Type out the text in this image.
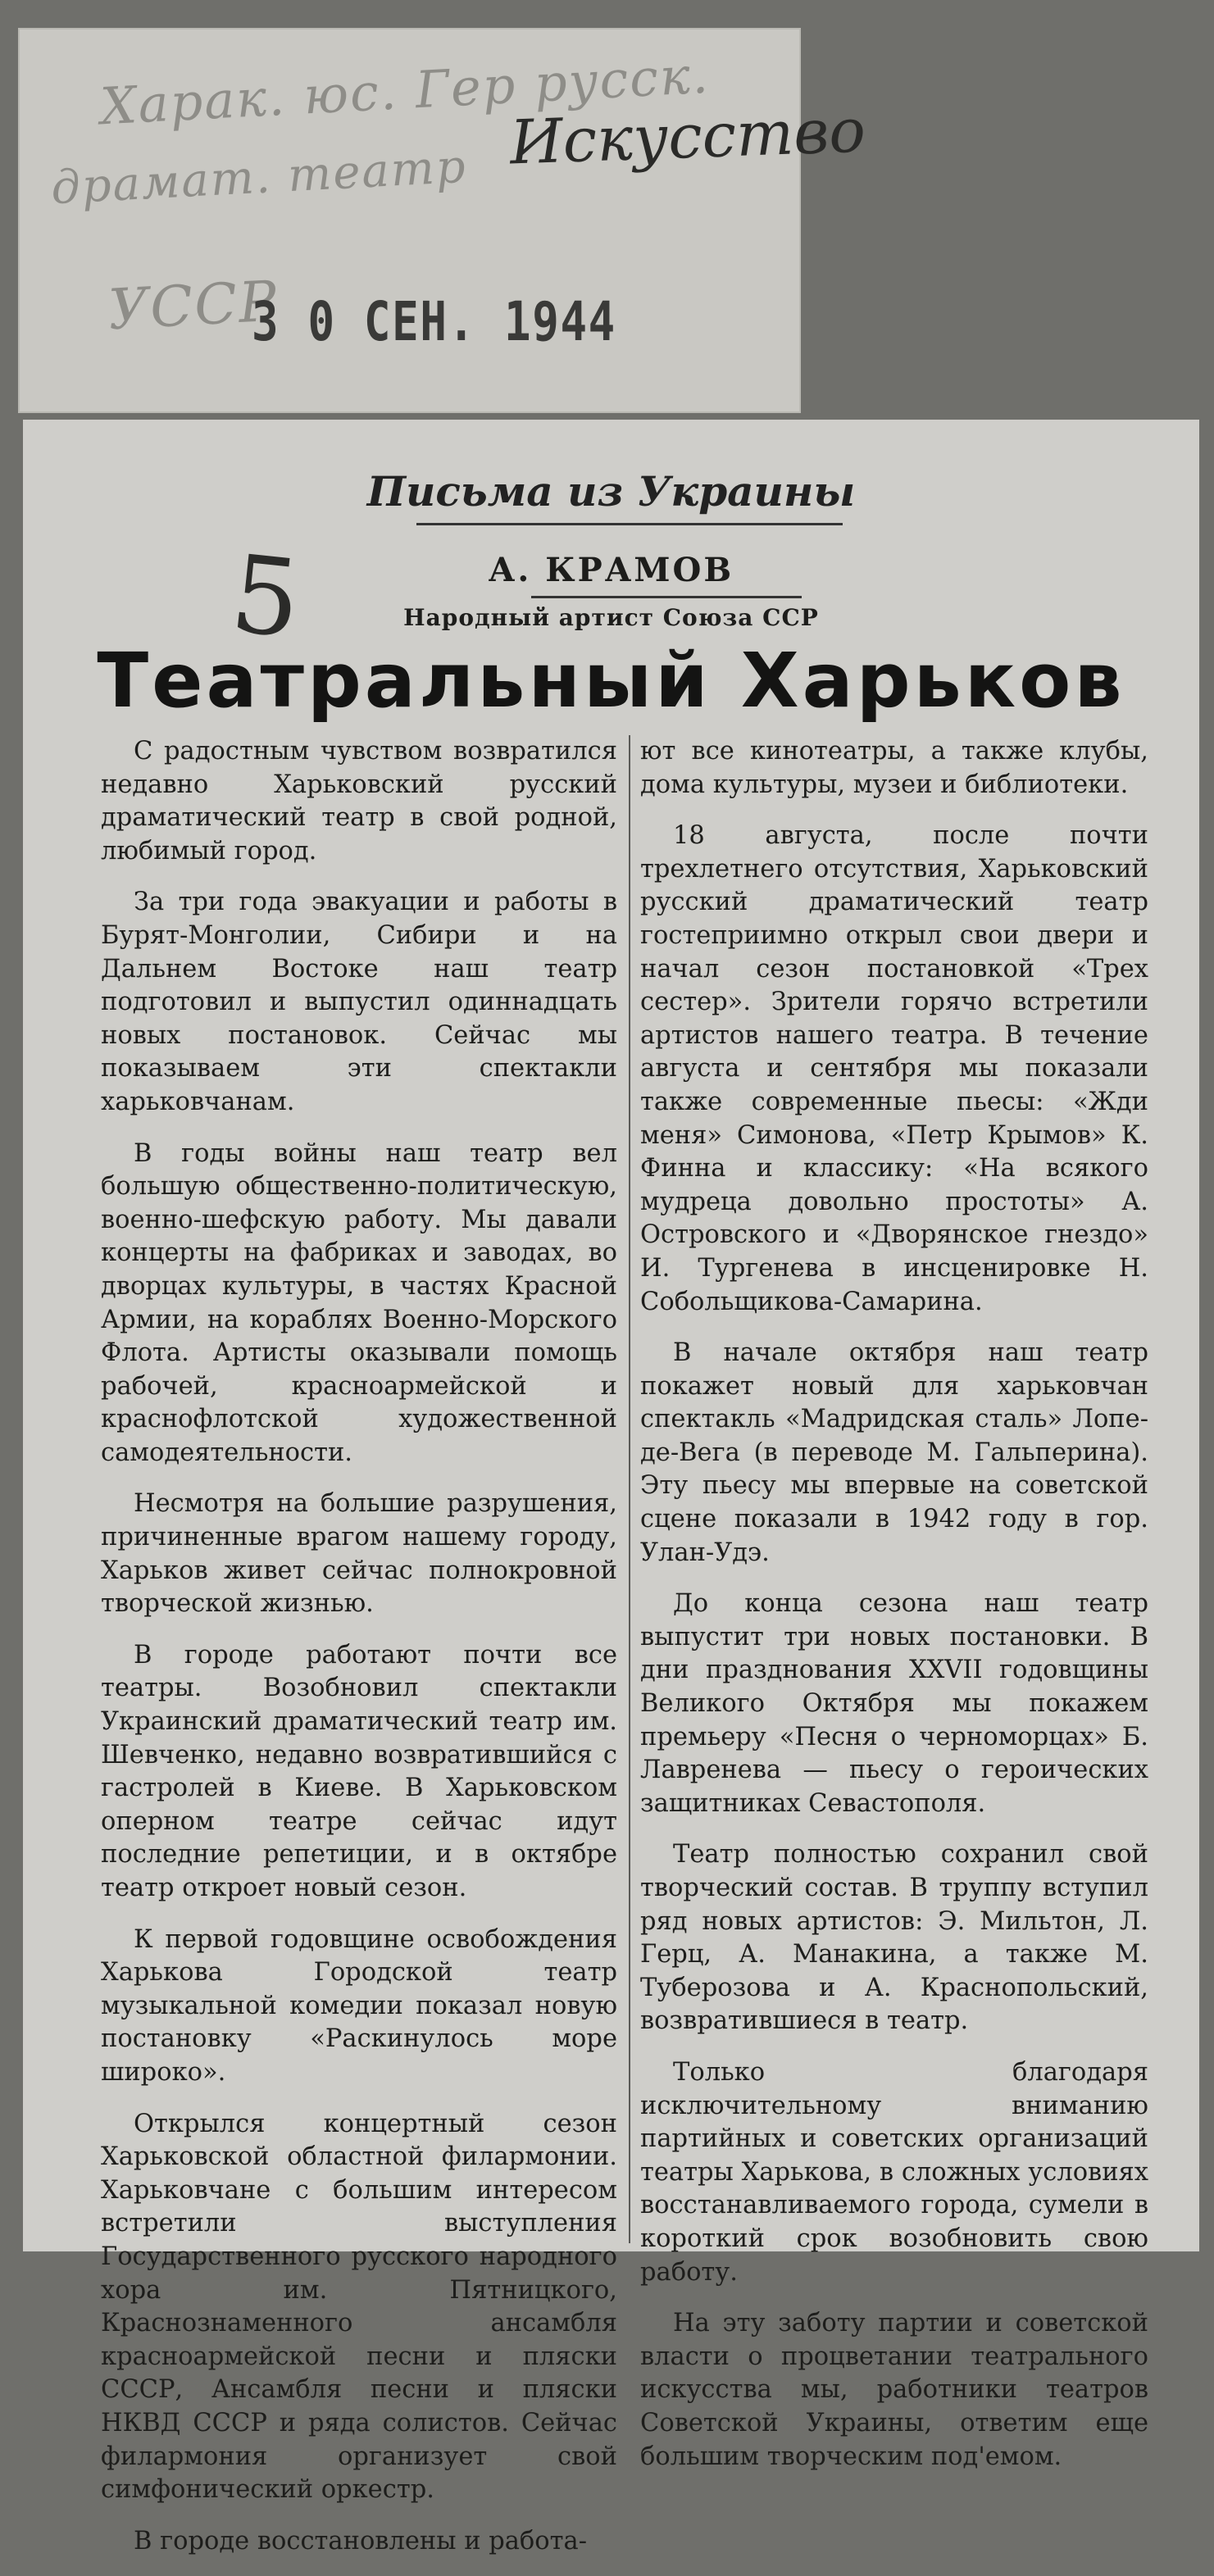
Харак. юс. Гер русск.
драмат. театр
УССР
Искусство
3 0 СЕН. 1944
Письма из Украины
5	А. КРАМОВ
Народный артист Союза ССР
Театральный Харьков

С радостным чувством возвратился недавно Харьковский русский драматический театр в свой родной, любимый город.

За три года эвакуации и работы в Бурят-Монголии, Сибири и на Дальнем Востоке наш театр подготовил и выпустил одиннадцать новых постановок. Сейчас мы показываем эти спектакли харьковчанам.

В годы войны наш театр вел большую общественно-политическую, военно-шефскую работу. Мы давали концерты на фабриках и заводах, во дворцах культуры, в частях Красной Армии, на кораблях Военно-Морского Флота. Артисты оказывали помощь рабочей, красноармейской и краснофлотской художественной самодеятельности.

Несмотря на большие разрушения, причиненные врагом нашему городу, Харьков живет сейчас полнокровной творческой жизнью.

В городе работают почти все театры. Возобновил спектакли Украинский драматический театр им. Шевченко, недавно возвратившийся с гастролей в Киеве. В Харьковском оперном театре сейчас идут последние репетиции, и в октябре театр откроет новый сезон.

К первой годовщине освобождения Харькова Городской театр музыкальной комедии показал новую постановку «Раскинулось море широко».

Открылся концертный сезон Харьковской областной филармонии. Харьковчане с большим интересом встретили выступления Государственного русского народного хора им. Пятницкого, Краснознаменного ансамбля красноармейской песни и пляски СССР, Ансамбля песни и пляски НКВД СССР и ряда солистов. Сейчас филармония организует свой симфонический оркестр.

В городе восстановлены и работа-

ют все кинотеатры, а также клубы, дома культуры, музеи и библиотеки.

18 августа, после почти трехлетнего отсутствия, Харьковский русский драматический театр гостеприимно открыл свои двери и начал сезон постановкой «Трех сестер». Зрители горячо встретили артистов нашего театра. В течение августа и сентября мы показали также современные пьесы: «Жди меня» Симонова, «Петр Крымов» К. Финна и классику: «На всякого мудреца довольно простоты» А. Островского и «Дворянское гнездо» И. Тургенева в инсценировке Н. Собольщикова-Самарина.

В начале октября наш театр покажет новый для харьковчан спектакль «Мадридская сталь» Лопе-де-Вега (в переводе М. Гальперина). Эту пьесу мы впервые на советской сцене показали в 1942 году в гор. Улан-Удэ.

До конца сезона наш театр выпустит три новых постановки. В дни празднования XXVII годовщины Великого Октября мы покажем премьеру «Песня о черноморцах» Б. Лавренева — пьесу о героических защитниках Севастополя.

Театр полностью сохранил свой творческий состав. В труппу вступил ряд новых артистов: Э. Мильтон, Л. Герц, А. Манакина, а также М. Туберозова и А. Краснопольский, возвратившиеся в театр.

Только благодаря исключительному вниманию партийных и советских организаций театры Харькова, в сложных условиях восстанавливаемого города, сумели в короткий срок возобновить свою работу.

На эту заботу партии и советской власти о процветании театрального искусства мы, работники театров Советской Украины, ответим еще большим творческим под'емом.
